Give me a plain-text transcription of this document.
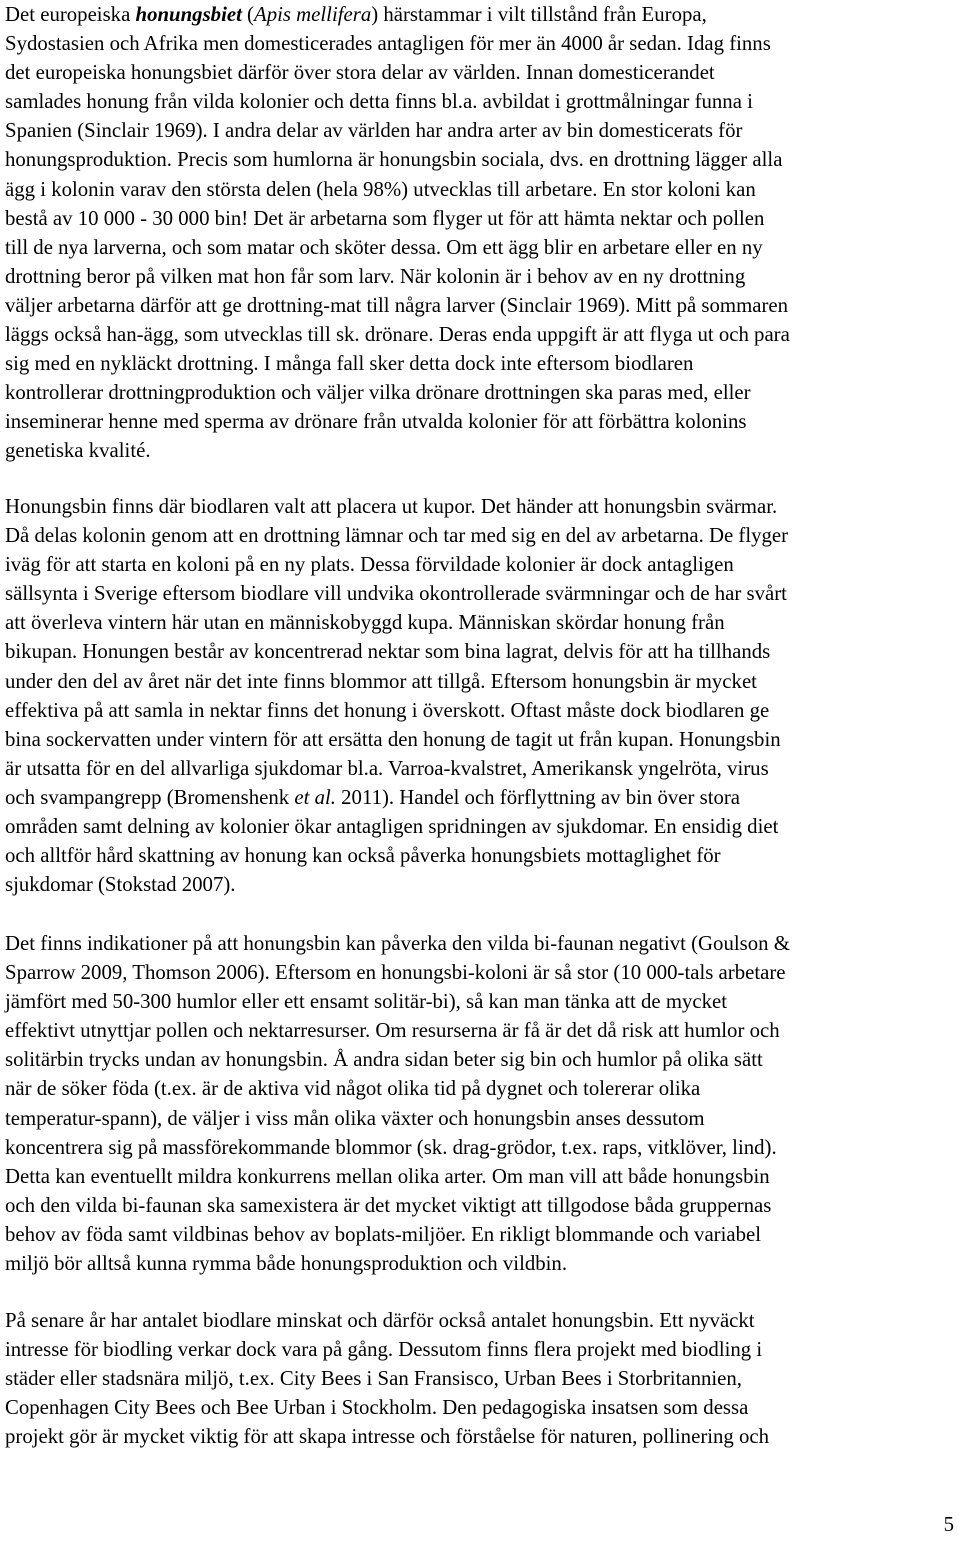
Det europeiska honungsbiet (Apis mellifera) härstammar i vilt tillstånd från Europa,
Sydostasien och Afrika men domesticerades antagligen för mer än 4000 år sedan. Idag finns
det europeiska honungsbiet därför över stora delar av världen. Innan domesticerandet
samlades honung från vilda kolonier och detta finns bl.a. avbildat i grottmålningar funna i
Spanien (Sinclair 1969). I andra delar av världen har andra arter av bin domesticerats för
honungsproduktion. Precis som humlorna är honungsbin sociala, dvs. en drottning lägger alla
ägg i kolonin varav den största delen (hela 98%) utvecklas till arbetare. En stor koloni kan
bestå av 10 000 - 30 000 bin! Det är arbetarna som flyger ut för att hämta nektar och pollen
till de nya larverna, och som matar och sköter dessa. Om ett ägg blir en arbetare eller en ny
drottning beror på vilken mat hon får som larv. När kolonin är i behov av en ny drottning
väljer arbetarna därför att ge drottning-mat till några larver (Sinclair 1969). Mitt på sommaren
läggs också han-ägg, som utvecklas till sk. drönare. Deras enda uppgift är att flyga ut och para
sig med en nykläckt drottning. I många fall sker detta dock inte eftersom biodlaren
kontrollerar drottningproduktion och väljer vilka drönare drottningen ska paras med, eller
inseminerar henne med sperma av drönare från utvalda kolonier för att förbättra kolonins
genetiska kvalité.

Honungsbin finns där biodlaren valt att placera ut kupor. Det händer att honungsbin svärmar.
Då delas kolonin genom att en drottning lämnar och tar med sig en del av arbetarna. De flyger
iväg för att starta en koloni på en ny plats. Dessa förvildade kolonier är dock antagligen
sällsynta i Sverige eftersom biodlare vill undvika okontrollerade svärmningar och de har svårt
att överleva vintern här utan en människobyggd kupa. Människan skördar honung från
bikupan. Honungen består av koncentrerad nektar som bina lagrat, delvis för att ha tillhands
under den del av året när det inte finns blommor att tillgå. Eftersom honungsbin är mycket
effektiva på att samla in nektar finns det honung i överskott. Oftast måste dock biodlaren ge
bina sockervatten under vintern för att ersätta den honung de tagit ut från kupan. Honungsbin
är utsatta för en del allvarliga sjukdomar bl.a. Varroa-kvalstret, Amerikansk yngelröta, virus
och svampangrepp (Bromenshenk et al. 2011). Handel och förflyttning av bin över stora
områden samt delning av kolonier ökar antagligen spridningen av sjukdomar. En ensidig diet
och alltför hård skattning av honung kan också påverka honungsbiets mottaglighet för
sjukdomar (Stokstad 2007).

Det finns indikationer på att honungsbin kan påverka den vilda bi-faunan negativt (Goulson &
Sparrow 2009, Thomson 2006). Eftersom en honungsbi-koloni är så stor (10 000-tals arbetare
jämfört med 50-300 humlor eller ett ensamt solitär-bi), så kan man tänka att de mycket
effektivt utnyttjar pollen och nektarresurser. Om resurserna är få är det då risk att humlor och
solitärbin trycks undan av honungsbin. Å andra sidan beter sig bin och humlor på olika sätt
när de söker föda (t.ex. är de aktiva vid något olika tid på dygnet och tolererar olika
temperatur-spann), de väljer i viss mån olika växter och honungsbin anses dessutom
koncentrera sig på massförekommande blommor (sk. drag-grödor, t.ex. raps, vitklöver, lind).
Detta kan eventuellt mildra konkurrens mellan olika arter. Om man vill att både honungsbin
och den vilda bi-faunan ska samexistera är det mycket viktigt att tillgodose båda gruppernas
behov av föda samt vildbinas behov av boplats-miljöer. En rikligt blommande och variabel
miljö bör alltså kunna rymma både honungsproduktion och vildbin.

På senare år har antalet biodlare minskat och därför också antalet honungsbin. Ett nyväckt
intresse för biodling verkar dock vara på gång. Dessutom finns flera projekt med biodling i
städer eller stadsnära miljö, t.ex. City Bees i San Fransisco, Urban Bees i Storbritannien,
Copenhagen City Bees och Bee Urban i Stockholm. Den pedagogiska insatsen som dessa
projekt gör är mycket viktig för att skapa intresse och förståelse för naturen, pollinering och

5
